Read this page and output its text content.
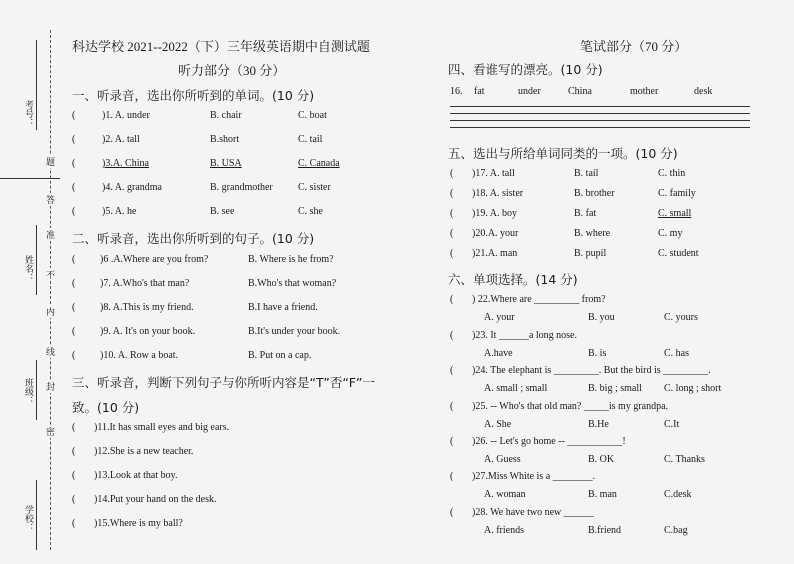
考号：
姓名：
班级：
学校：
题
答
准
不
内
线
封
密
科达学校 2021--2022（下）三年级英语期中自测试题
听力部分（30 分）
一、听录音，选出你所听到的单词。(10 分)
(	)1. A. under	B. chair	C. boat
(	)2. A. tall	B.short	C. tail
(	)3.A. China	B. USA	C. Canada
(	)4. A. grandma	B. grandmother	C. sister
(	)5. A. he	B. see	C. she
二、听录音，选出你所听到的句子。(10 分)
( )6 .A.Where are you from?	B. Where is he from?
( )7. A.Who's that man?	B.Who's that woman?
( )8. A.This is my friend.	B.I have a friend.
( )9. A. It's on your book.	B.It's under your book.
( )10. A. Row a boat.	B. Put on a cap.
三、听录音，判断下列句子与你所听内容是“T”否“F”一
致。(10 分)
( )11.It has small eyes and big ears.
( )12.She is a new teacher.
( )13.Look at that boy.
( )14.Put your hand on the desk.
( )15.Where is my ball?
笔试部分（70 分）
四、看谁写的漂亮。(10 分)
16. fat	under	China	mother	desk
五、选出与所给单词同类的一项。(10 分)
( )17. A. tall	B. tail	C. thin
( )18. A. sister	B. brother	C. family
( )19. A. boy	B. fat	C. small
( )20.A. your	B. where	C. my
( )21.A. man	B. pupil	C. student
六、单项选择。(14 分)
( ) 22.Where are _________ from?
A. your	B. you	C. yours
( )23. It ______a long nose.
A.have	B. is	C. has
( )24. The elephant is _________. But the bird is _________.
A. small ; small	B. big ; small C. long ; short
( )25. -- Who's that old man? _____is my grandpa.
A. She	B.He	C.It
( )26. -- Let's go home -- ___________!
A. Guess	B. OK	C. Thanks
( )27.Miss White is a ________.
A. woman	B. man	C.desk
( )28. We have two new ______
A. friends	B.friend	C.bag
